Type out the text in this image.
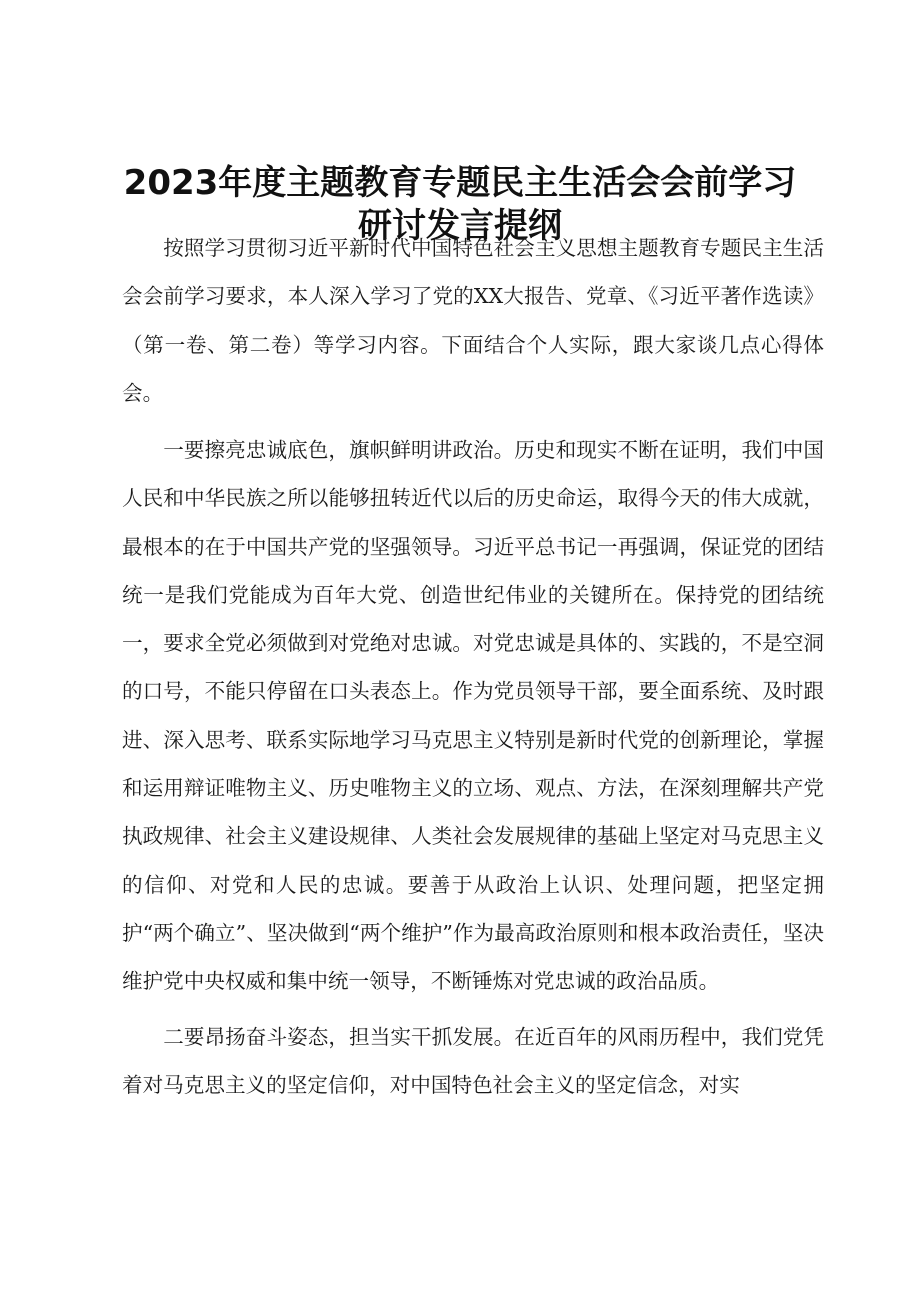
2023年度主题教育专题民主生活会会前学习
研讨发言提纲

按照学习贯彻习近平新时代中国特色社会主义思想主题教育专题民主生活会会前学习要求，本人深入学习了党的XX大报告、党章、《习近平著作选读》（第一卷、第二卷）等学习内容。下面结合个人实际，跟大家谈几点心得体会。

一要擦亮忠诚底色，旗帜鲜明讲政治。历史和现实不断在证明，我们中国人民和中华民族之所以能够扭转近代以后的历史命运，取得今天的伟大成就，最根本的在于中国共产党的坚强领导。习近平总书记一再强调，保证党的团结统一是我们党能成为百年大党、创造世纪伟业的关键所在。保持党的团结统一，要求全党必须做到对党绝对忠诚。对党忠诚是具体的、实践的，不是空洞的口号，不能只停留在口头表态上。作为党员领导干部，要全面系统、及时跟进、深入思考、联系实际地学习马克思主义特别是新时代党的创新理论，掌握和运用辩证唯物主义、历史唯物主义的立场、观点、方法，在深刻理解共产党执政规律、社会主义建设规律、人类社会发展规律的基础上坚定对马克思主义的信仰、对党和人民的忠诚。要善于从政治上认识、处理问题，把坚定拥护“两个确立”、坚决做到“两个维护”作为最高政治原则和根本政治责任，坚决维护党中央权威和集中统一领导，不断锤炼对党忠诚的政治品质。

二要昂扬奋斗姿态，担当实干抓发展。在近百年的风雨历程中，我们党凭着对马克思主义的坚定信仰，对中国特色社会主义的坚定信念，对实
